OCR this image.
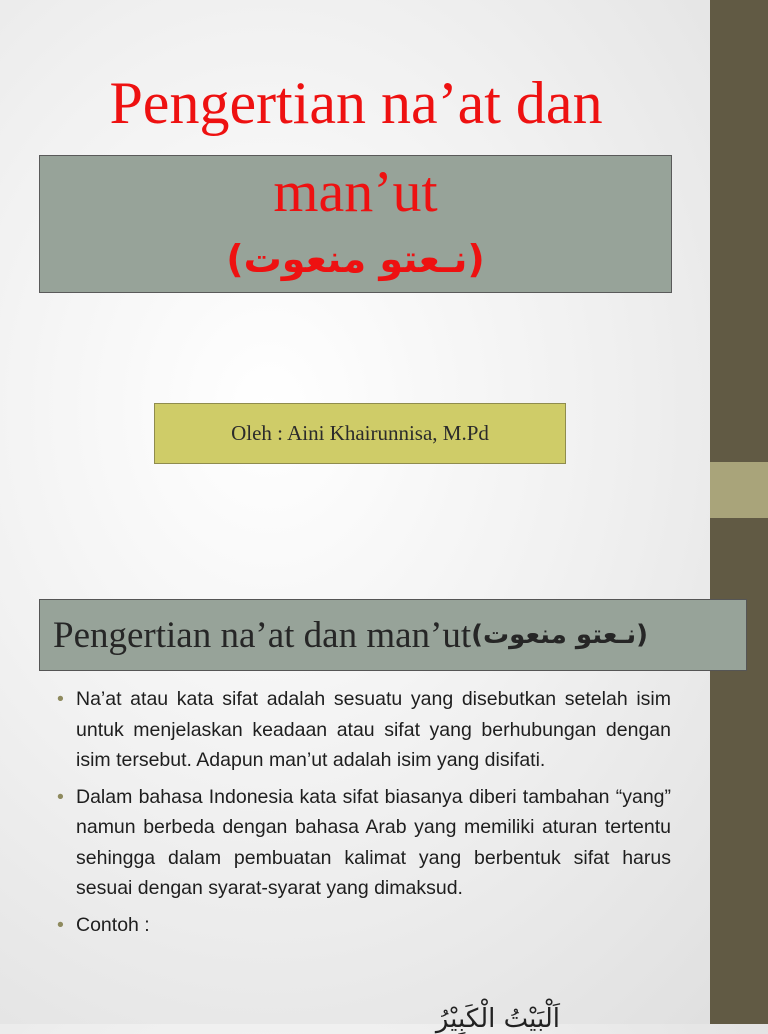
Pengertian na’at dan
man’ut
(نـعتو منعوت)
Oleh : Aini Khairunnisa, M.Pd
Pengertian na’at dan man’ut (نـعتو منعوت)
• Na’at atau kata sifat adalah sesuatu yang disebutkan setelah isim untuk menjelaskan keadaan atau sifat yang berhubungan dengan isim tersebut. Adapun man’ut adalah isim yang disifati.
• Dalam bahasa Indonesia kata sifat biasanya diberi tambahan “yang” namun berbeda dengan bahasa Arab yang memiliki aturan tertentu sehingga dalam pembuatan kalimat yang berbentuk sifat harus sesuai dengan syarat-syarat yang dimaksud.
• Contoh :
اَلْبَيْتُ الْكَبِيْرُ
